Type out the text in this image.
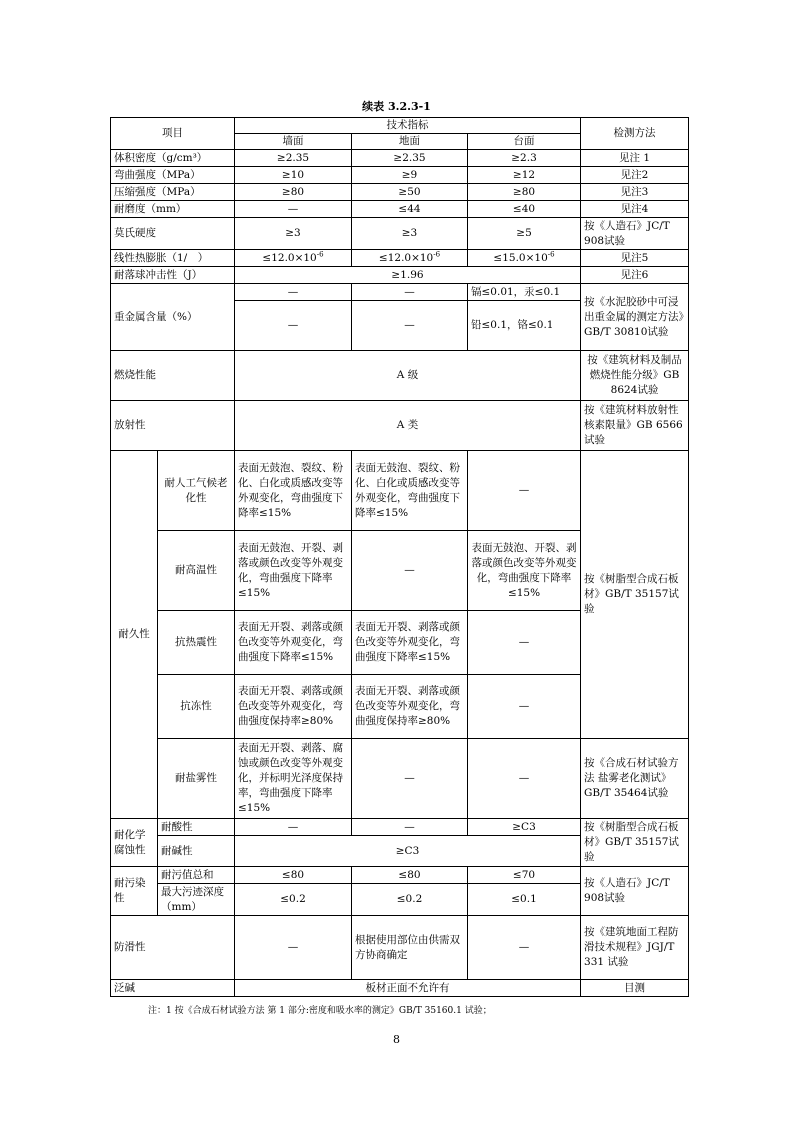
续表 3.2.3-1
项目		技术指标			检测方法
		墙面	地面	台面	
体积密度（g/cm³）		≥2.35	≥2.35	≥2.3	见注 1
弯曲强度（MPa）		≥10	≥9	≥12	见注2
压缩强度（MPa）		≥80	≥50	≥80	见注3
耐磨度（mm）		—	≤44	≤40	见注4
莫氏硬度		≥3	≥3	≥5	按《人造石》JC/T 908试验
线性热膨胀（1/　）		$\le 12.0\times 10^{-6}$	$\le 12.0\times 10^{-6}$	$\le 15.0\times 10^{-6}$	见注5
耐落球冲击性（J）		≥1.96			见注6
重金属含量（%）		—	—	镉≤0.01，汞≤0.1	按《水泥胶砂中可浸出重金属的测定方法》GB/T 30810试验
		—	—	铅≤0.1，铬≤0.1	
燃烧性能		A 级			按《建筑材料及制品燃烧性能分级》GB 8624试验
放射性		A 类			按《建筑材料放射性核素限量》GB 6566试验
耐久性	耐人工气候老化性	表面无鼓泡、裂纹、粉化、白化或质感改变等外观变化，弯曲强度下降率≤15%	表面无鼓泡、裂纹、粉化、白化或质感改变等外观变化，弯曲强度下降率≤15%	—	按《树脂型合成石板材》GB/T 35157试验
	耐高温性	表面无鼓泡、开裂、剥落或颜色改变等外观变化，弯曲强度下降率≤15%	—	表面无鼓泡、开裂、剥落或颜色改变等外观变化，弯曲强度下降率≤15%	
	抗热震性	表面无开裂、剥落或颜色改变等外观变化，弯曲强度下降率≤15%	表面无开裂、剥落或颜色改变等外观变化，弯曲强度下降率≤15%	—	
	抗冻性	表面无开裂、剥落或颜色改变等外观变化，弯曲强度保持率≥80%	表面无开裂、剥落或颜色改变等外观变化，弯曲强度保持率≥80%	—	
	耐盐雾性	表面无开裂、剥落、腐蚀或颜色改变等外观变化，并标明光泽度保持率，弯曲强度下降率≤15%	—	—	按《合成石材试验方法 盐雾老化测试》GB/T 35464试验
耐化学腐蚀性	耐酸性	—	—	≥C3	按《树脂型合成石板材》GB/T 35157试验
	耐碱性	≥C3			
耐污染性	耐污值总和	≤80	≤80	≤70	按《人造石》JC/T 908试验
	最大污迹深度（mm）	≤0.2	≤0.2	≤0.1	
防滑性		—	根据使用部位由供需双方协商确定	—	按《建筑地面工程防滑技术规程》JGJ/T 331 试验
泛碱		板材正面不允许有			目测
注：1 按《合成石材试验方法 第 1 部分:密度和吸水率的测定》GB/T 35160.1 试验；
8
